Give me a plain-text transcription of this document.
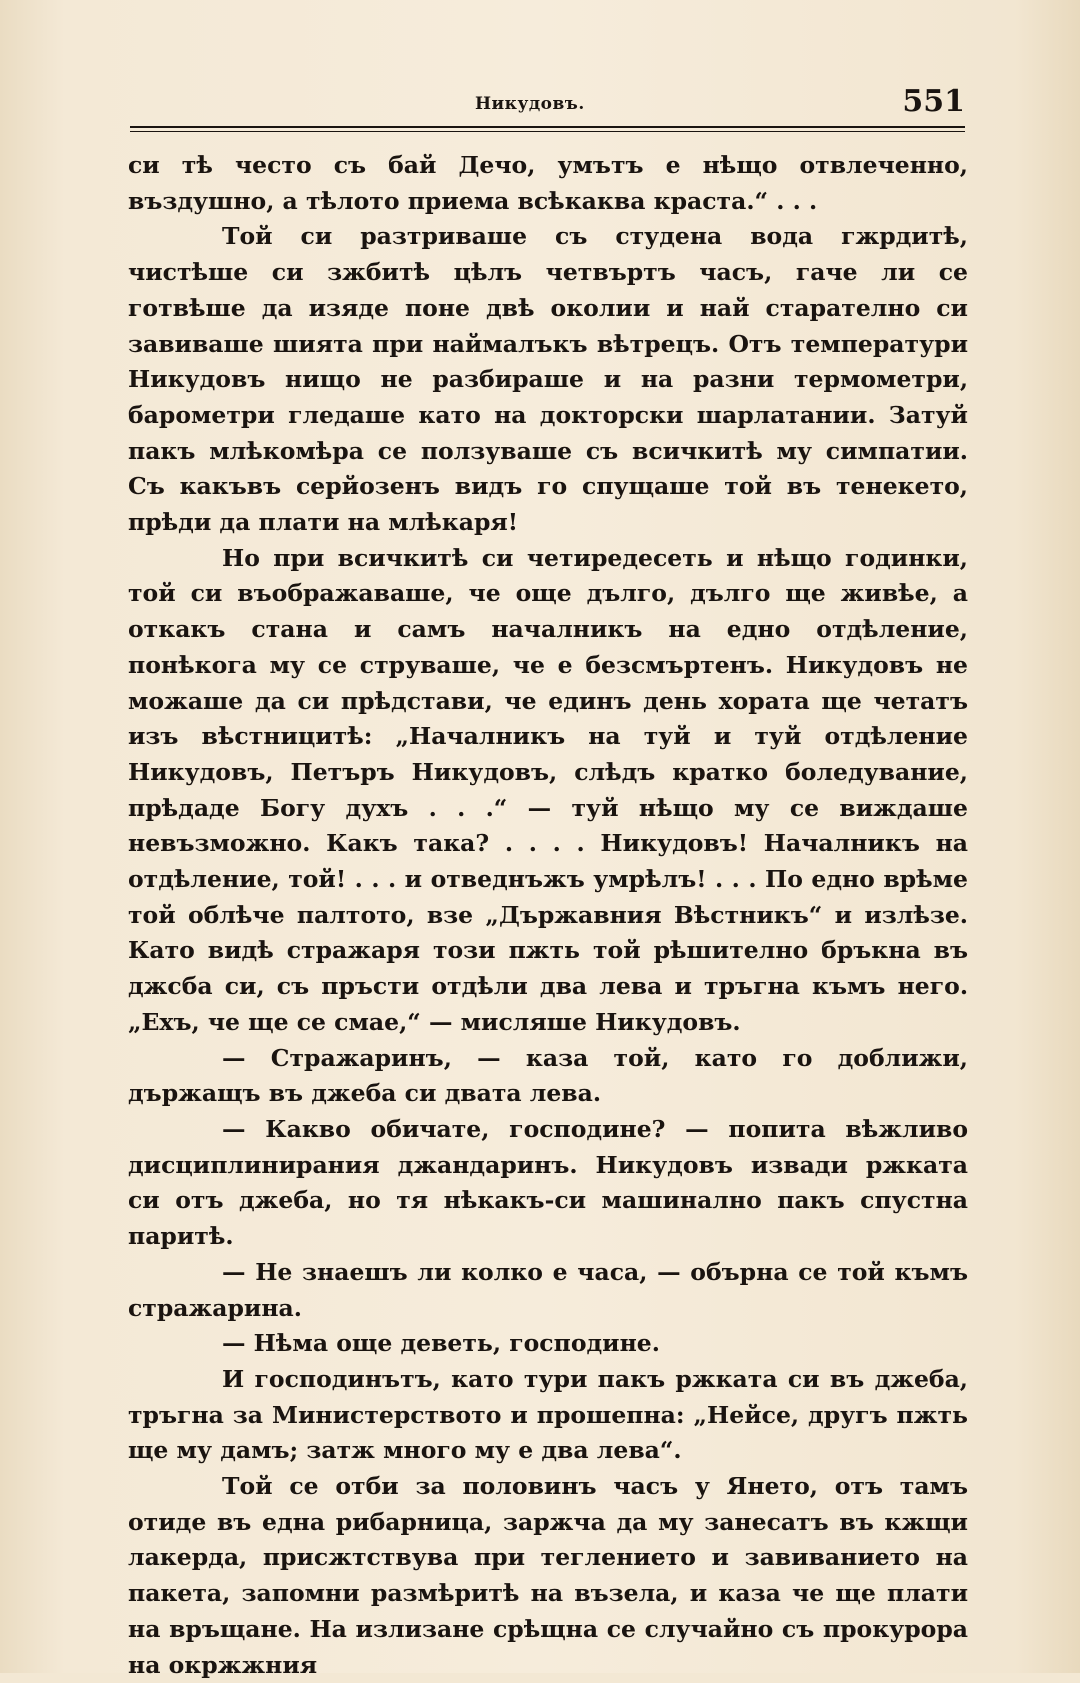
Никудовъ.	551

си тѣ често съ бай Дечо, умътъ е нѣщо отвлеченно, въздушно, а тѣлото приема всѣкаква краста.“ . . .

Той си разтриваше съ студена вода гжрдитѣ, чистѣше си зжбитѣ цѣлъ четвъртъ часъ, гаче ли се готвѣше да изяде поне двѣ околии и най старателно си завиваше шията при наймалъкъ вѣтрецъ. Отъ температури Никудовъ нищо не разбираше и на разни термометри, барометри гледаше като на докторски шарлатании. Затуй пакъ млѣкомѣра се ползуваше съ всичкитѣ му симпатии. Съ какъвъ серйозенъ видъ го спущаше той въ тенекето, прѣди да плати на млѣкаря!

Но при всичкитѣ си четиредесеть и нѣщо годинки, той си въображаваше, че още дълго, дълго ще живѣе, а откакъ стана и самъ началникъ на едно отдѣление, понѣкога му се струваше, че е безсмъртенъ. Никудовъ не можаше да си прѣдстави, че единъ день хората ще четатъ изъ вѣстницитѣ: „Началникъ на туй и туй отдѣление Никудовъ, Петъръ Никудовъ, слѣдъ кратко боледувание, прѣдаде Богу духъ . . .“ — туй нѣщо му се виждаше невъзможно. Какъ така? . . . . Никудовъ! Началникъ на отдѣление, той! . . . и отведнъжъ умрѣлъ! . . . По едно врѣме той облѣче палтото, взе „Държавния Вѣстникъ“ и излѣзе. Като видѣ стражаря този пжть той рѣшително бръкна въ джсба си, съ пръсти отдѣли два лева и тръгна къмъ него. „Ехъ, че ще се смае,“ — мисляше Никудовъ.

— Стражаринъ, — каза той, като го доближи, държащъ въ джеба си двата лева.

— Какво обичате, господине? — попита вѣжливо дисциплинирания джандаринъ. Никудовъ извади ржката си отъ джеба, но тя нѣкакъ-си машинално пакъ спустна паритѣ.

— Не знаешъ ли колко е часа, — обърна се той къмъ стражарина.

— Нѣма още деветь, господине.

И господинътъ, като тури пакъ ржката си въ джеба, тръгна за Министерството и прошепна: „Нейсе, другъ пжть ще му дамъ; затж много му е два лева“.

Той се отби за половинъ часъ у Янето, отъ тамъ отиде въ една рибарница, заржча да му занесатъ въ кжщи лакерда, присжтствува при теглението и завиванието на пакета, запомни размѣритѣ на възела, и каза че ще плати на връщане. На излизане срѣщна се случайно съ прокурора на окржжния
